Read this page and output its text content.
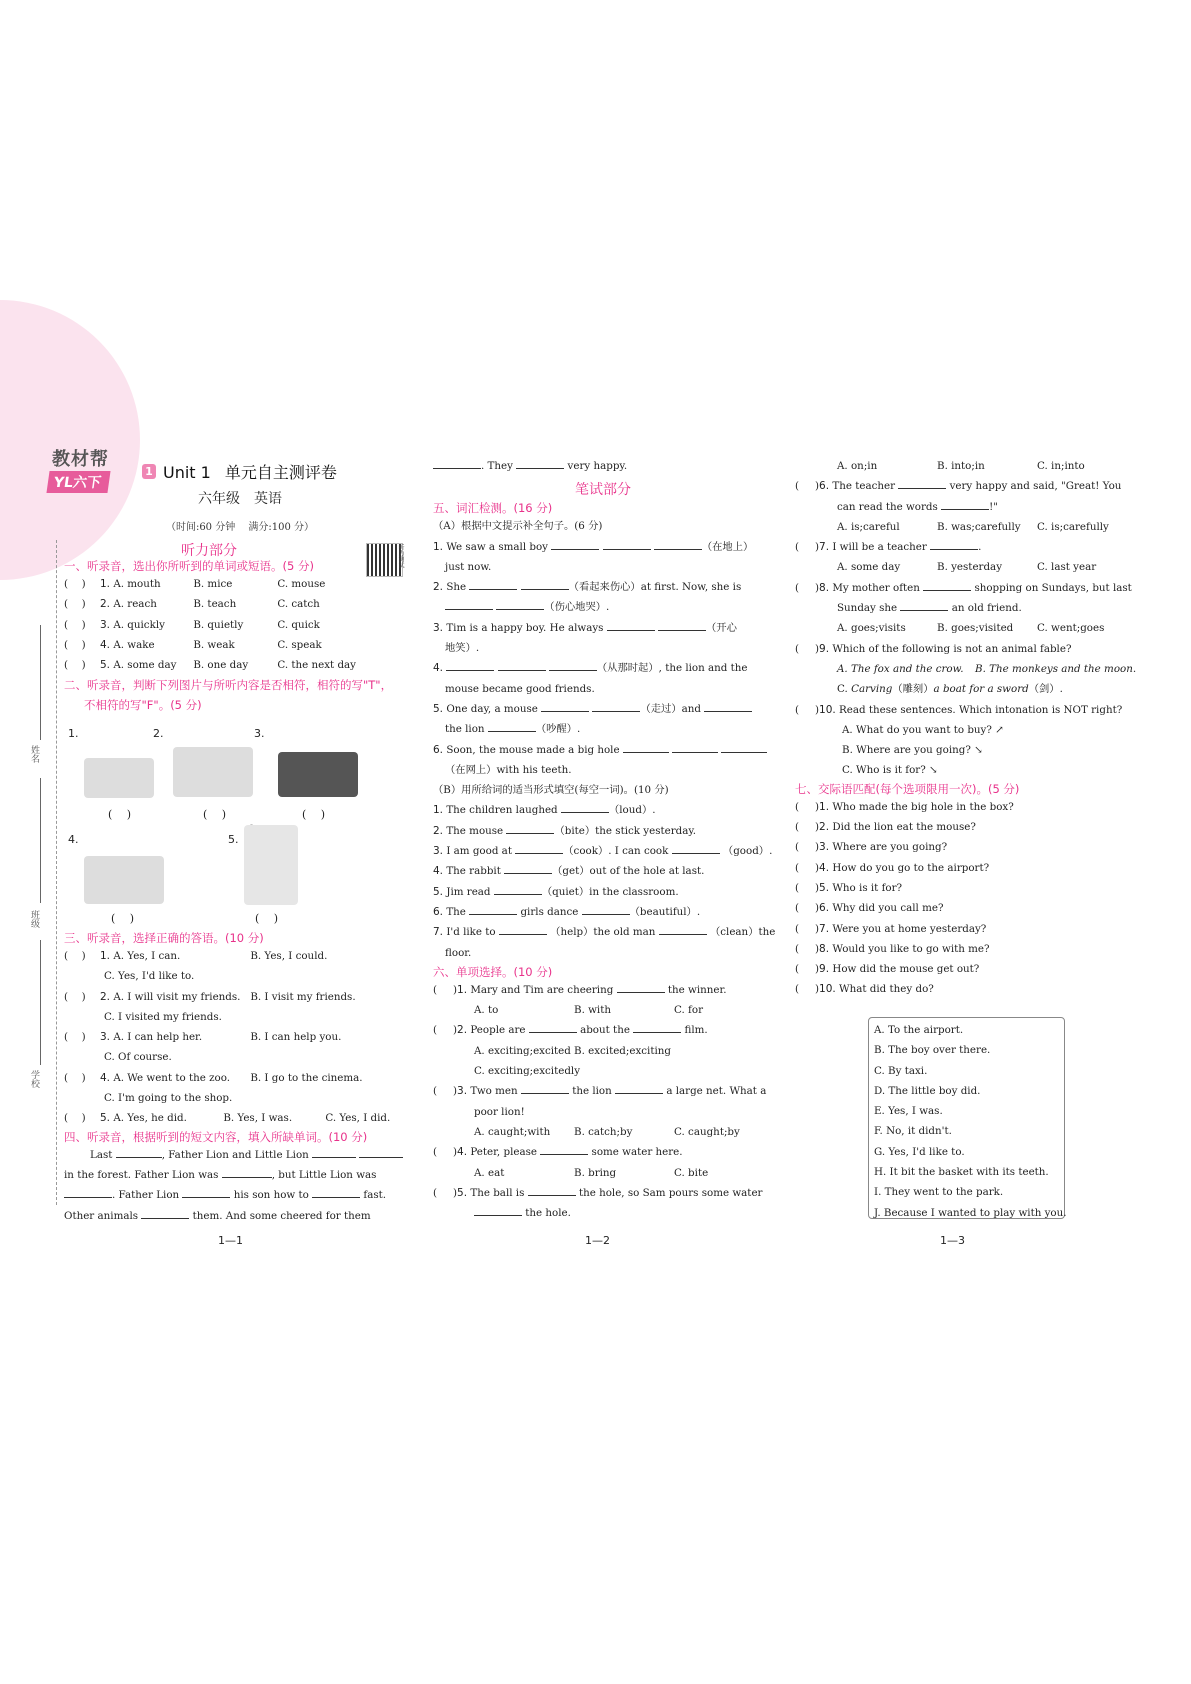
教材帮
YL六下
1 Unit 1 单元自主测评卷
六年级　英语
（时间:60 分钟　 满分:100 分）
听力测试
姓名
班级
学校
听力部分
一、听录音，选出你所听到的单词或短语。(5 分)
(　 ) 1. A. mouth	B. mice	C. mouse
(　 ) 2. A. reach	B. teach	C. catch
(　 ) 3. A. quickly	B. quietly	C. quick
(　 ) 4. A. wake	B. weak	C. speak
(　 ) 5. A. some day B. one day	C. the next day
二、听录音，判断下列图片与所听内容是否相符，相符的写"T"，
不相符的写"F"。(5 分)
1.	2.	3.
(　 )	(　 )	(　 )
4.	5.
(　 )	(　 )
三、听录音，选择正确的答语。(10 分)
(　 ) 1. A. Yes, I can.	B. Yes, I could.
C. Yes, I'd like to.
(　 ) 2. A. I will visit my friends. B. I visit my friends.
C. I visited my friends.
(　 ) 3. A. I can help her.	B. I can help you.
C. Of course.
(　 ) 4. A. We went to the zoo. B. I go to the cinema.
C. I'm going to the shop.
(　 ) 5. A. Yes, he did.	B. Yes, I was.	C. Yes, I did.
四、听录音，根据听到的短文内容，填入所缺单词。(10 分)
Last	, Father Lion and Little Lion
in the forest. Father Lion was	, but Little Lion was
. Father Lion	his son how to	fast.
Other animals	them. And some cheered for them
1—1
. They	very happy.
笔试部分
五、词汇检测。(16 分)
（A）根据中文提示补全句子。(6 分)
1. We saw a small boy	（在地上）
just now.
2. She	（看起来伤心）at first. Now, she is
（伤心地哭）.
3. Tim is a happy boy. He always	（开心
地笑）.
4.	（从那时起）, the lion and the
mouse became good friends.
5. One day, a mouse	（走过）and
the lion	（吵醒）.
6. Soon, the mouse made a big hole
（在网上）with his teeth.
（B）用所给词的适当形式填空(每空一词)。(10 分)
1. The children laughed	（loud）.
2. The mouse	（bite）the stick yesterday.
3. I am good at	（cook）. I can cook	（good）.
4. The rabbit	（get）out of the hole at last.
5. Jim read	（quiet）in the classroom.
6. The	girls dance	（beautiful）.
7. I'd like to	（help）the old man	（clean）the
floor.
六、单项选择。(10 分)
(　)1. Mary and Tim are cheering	the winner.
A. to	B. with	C. for
(　)2. People are	about the	film.
A. exciting;excited B. excited;exciting
C. exciting;excitedly
(　)3. Two men	the lion	a large net. What a
poor lion!
A. caught;with B. catch;by	C. caught;by
(　)4. Peter, please	some water here.
A. eat	B. bring	C. bite
(　)5. The ball is	the hole, so Sam pours some water
the hole.
1—2
A. on;in	B. into;in	C. in;into
(　)6. The teacher	very happy and said, "Great! You
can read the words	!"
A. is;careful	B. was;carefully C. is;carefully
(　)7. I will be a teacher	.
A. some day	B. yesterday	C. last year
(　)8. My mother often	shopping on Sundays, but last
Sunday she	an old friend.
A. goes;visits	B. goes;visited C. went;goes
(　)9. Which of the following is not an animal fable?
A. The fox and the crow. B. The monkeys and the moon.
C. Carving（雕刻）a boat for a sword（剑）.
(　)10. Read these sentences. Which intonation is NOT right?
A. What do you want to buy? ↗
B. Where are you going? ↘
C. Who is it for? ↘
七、交际语匹配(每个选项限用一次)。(5 分)
(　)1. Who made the big hole in the box?
(　)2. Did the lion eat the mouse?
(　)3. Where are you going?
(　)4. How do you go to the airport?
(　)5. Who is it for?
(　)6. Why did you call me?
(　)7. Were you at home yesterday?
(　)8. Would you like to go with me?
(　)9. How did the mouse get out?
(　)10. What did they do?
A. To the airport.
B. The boy over there.
C. By taxi.
D. The little boy did.
E. Yes, I was.
F. No, it didn't.
G. Yes, I'd like to.
H. It bit the basket with its teeth.
I. They went to the park.
J. Because I wanted to play with you.
1—3
